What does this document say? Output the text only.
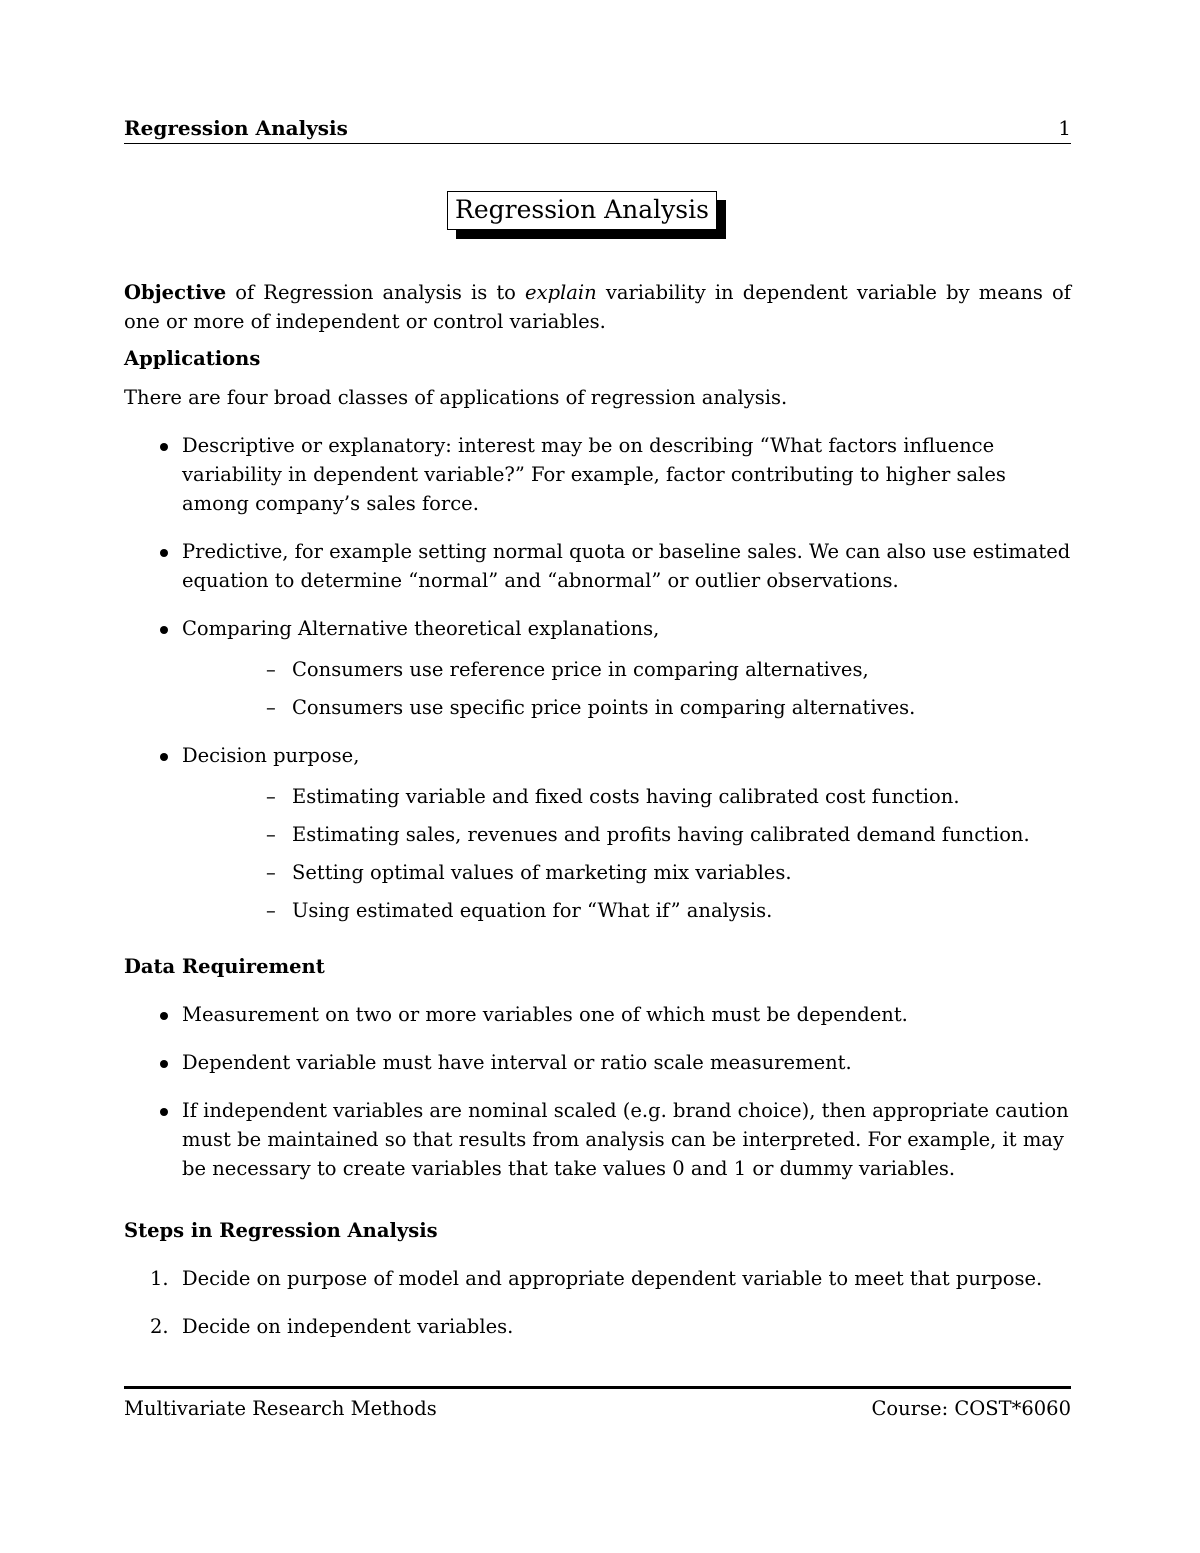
Regression Analysis	1
Regression Analysis

Objective of Regression analysis is to explain variability in dependent variable by means of one or more of independent or control variables.

Applications

There are four broad classes of applications of regression analysis.

Descriptive or explanatory: interest may be on describing “What factors influence variability in dependent variable?” For example, factor contributing to higher sales among company’s sales force.
Predictive, for example setting normal quota or baseline sales. We can also use estimated equation to determine “normal” and “abnormal” or outlier observations.
Comparing Alternative theoretical explanations,
– Consumers use reference price in comparing alternatives,
– Consumers use specific price points in comparing alternatives.
Decision purpose,
– Estimating variable and fixed costs having calibrated cost function.
– Estimating sales, revenues and profits having calibrated demand function.
– Setting optimal values of marketing mix variables.
– Using estimated equation for “What if” analysis.
Data Requirement
Measurement on two or more variables one of which must be dependent.
Dependent variable must have interval or ratio scale measurement.
If independent variables are nominal scaled (e.g. brand choice), then appropriate caution must be maintained so that results from analysis can be interpreted. For example, it may be necessary to create variables that take values 0 and 1 or dummy variables.
Steps in Regression Analysis
1. Decide on purpose of model and appropriate dependent variable to meet that purpose.
2. Decide on independent variables.
Multivariate Research Methods	Course: COST*6060
